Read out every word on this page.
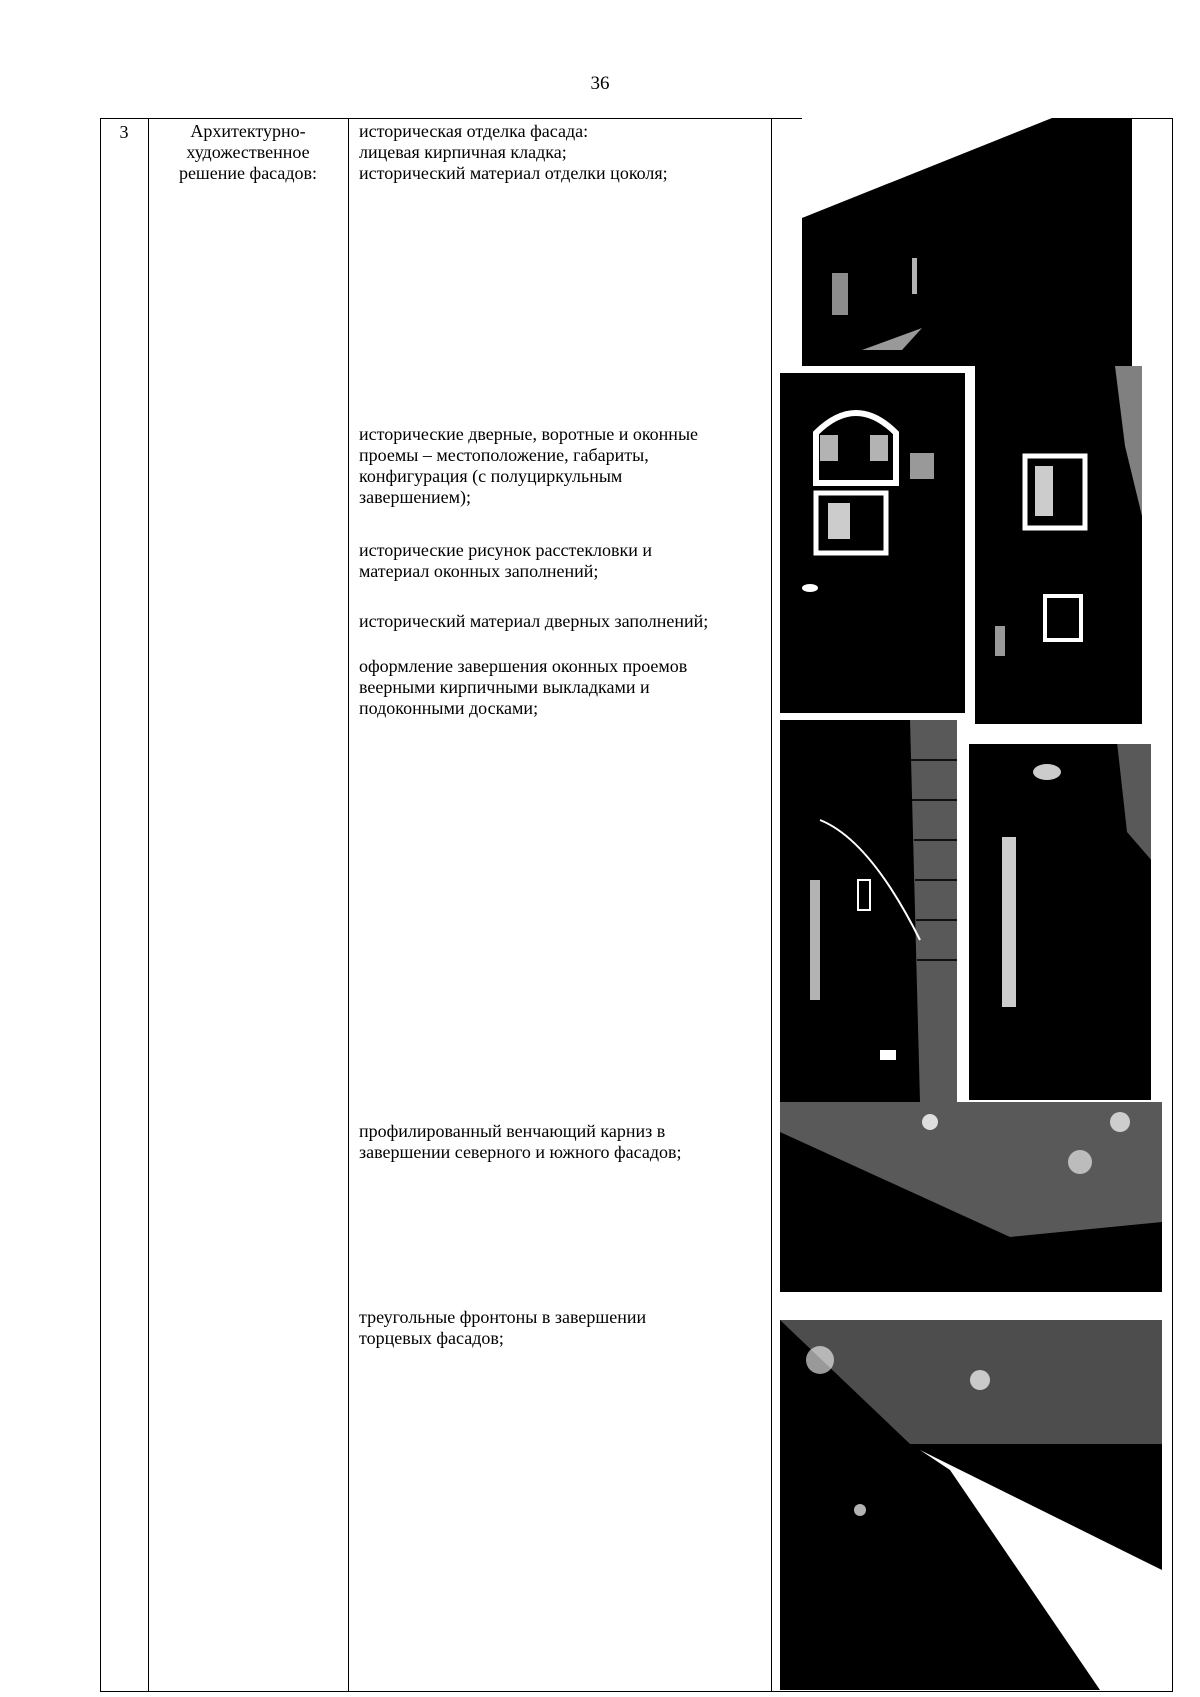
36
3	Архитектурно-
художественное
решение фасадов:

историческая отделка фасада:

лицевая кирпичная кладка;

исторический материал отделки цоколя;

исторические дверные, воротные и оконные

проемы – местоположение, габариты,

конфигурация (с полуциркульным

завершением);

исторические рисунок расстекловки и

материал оконных заполнений;

исторический материал дверных заполнений;

оформление завершения оконных проемов

веерными кирпичными выкладками и

подоконными досками;

профилированный венчающий карниз в

завершении северного и южного фасадов;

треугольные фронтоны в завершении

торцевых фасадов;
